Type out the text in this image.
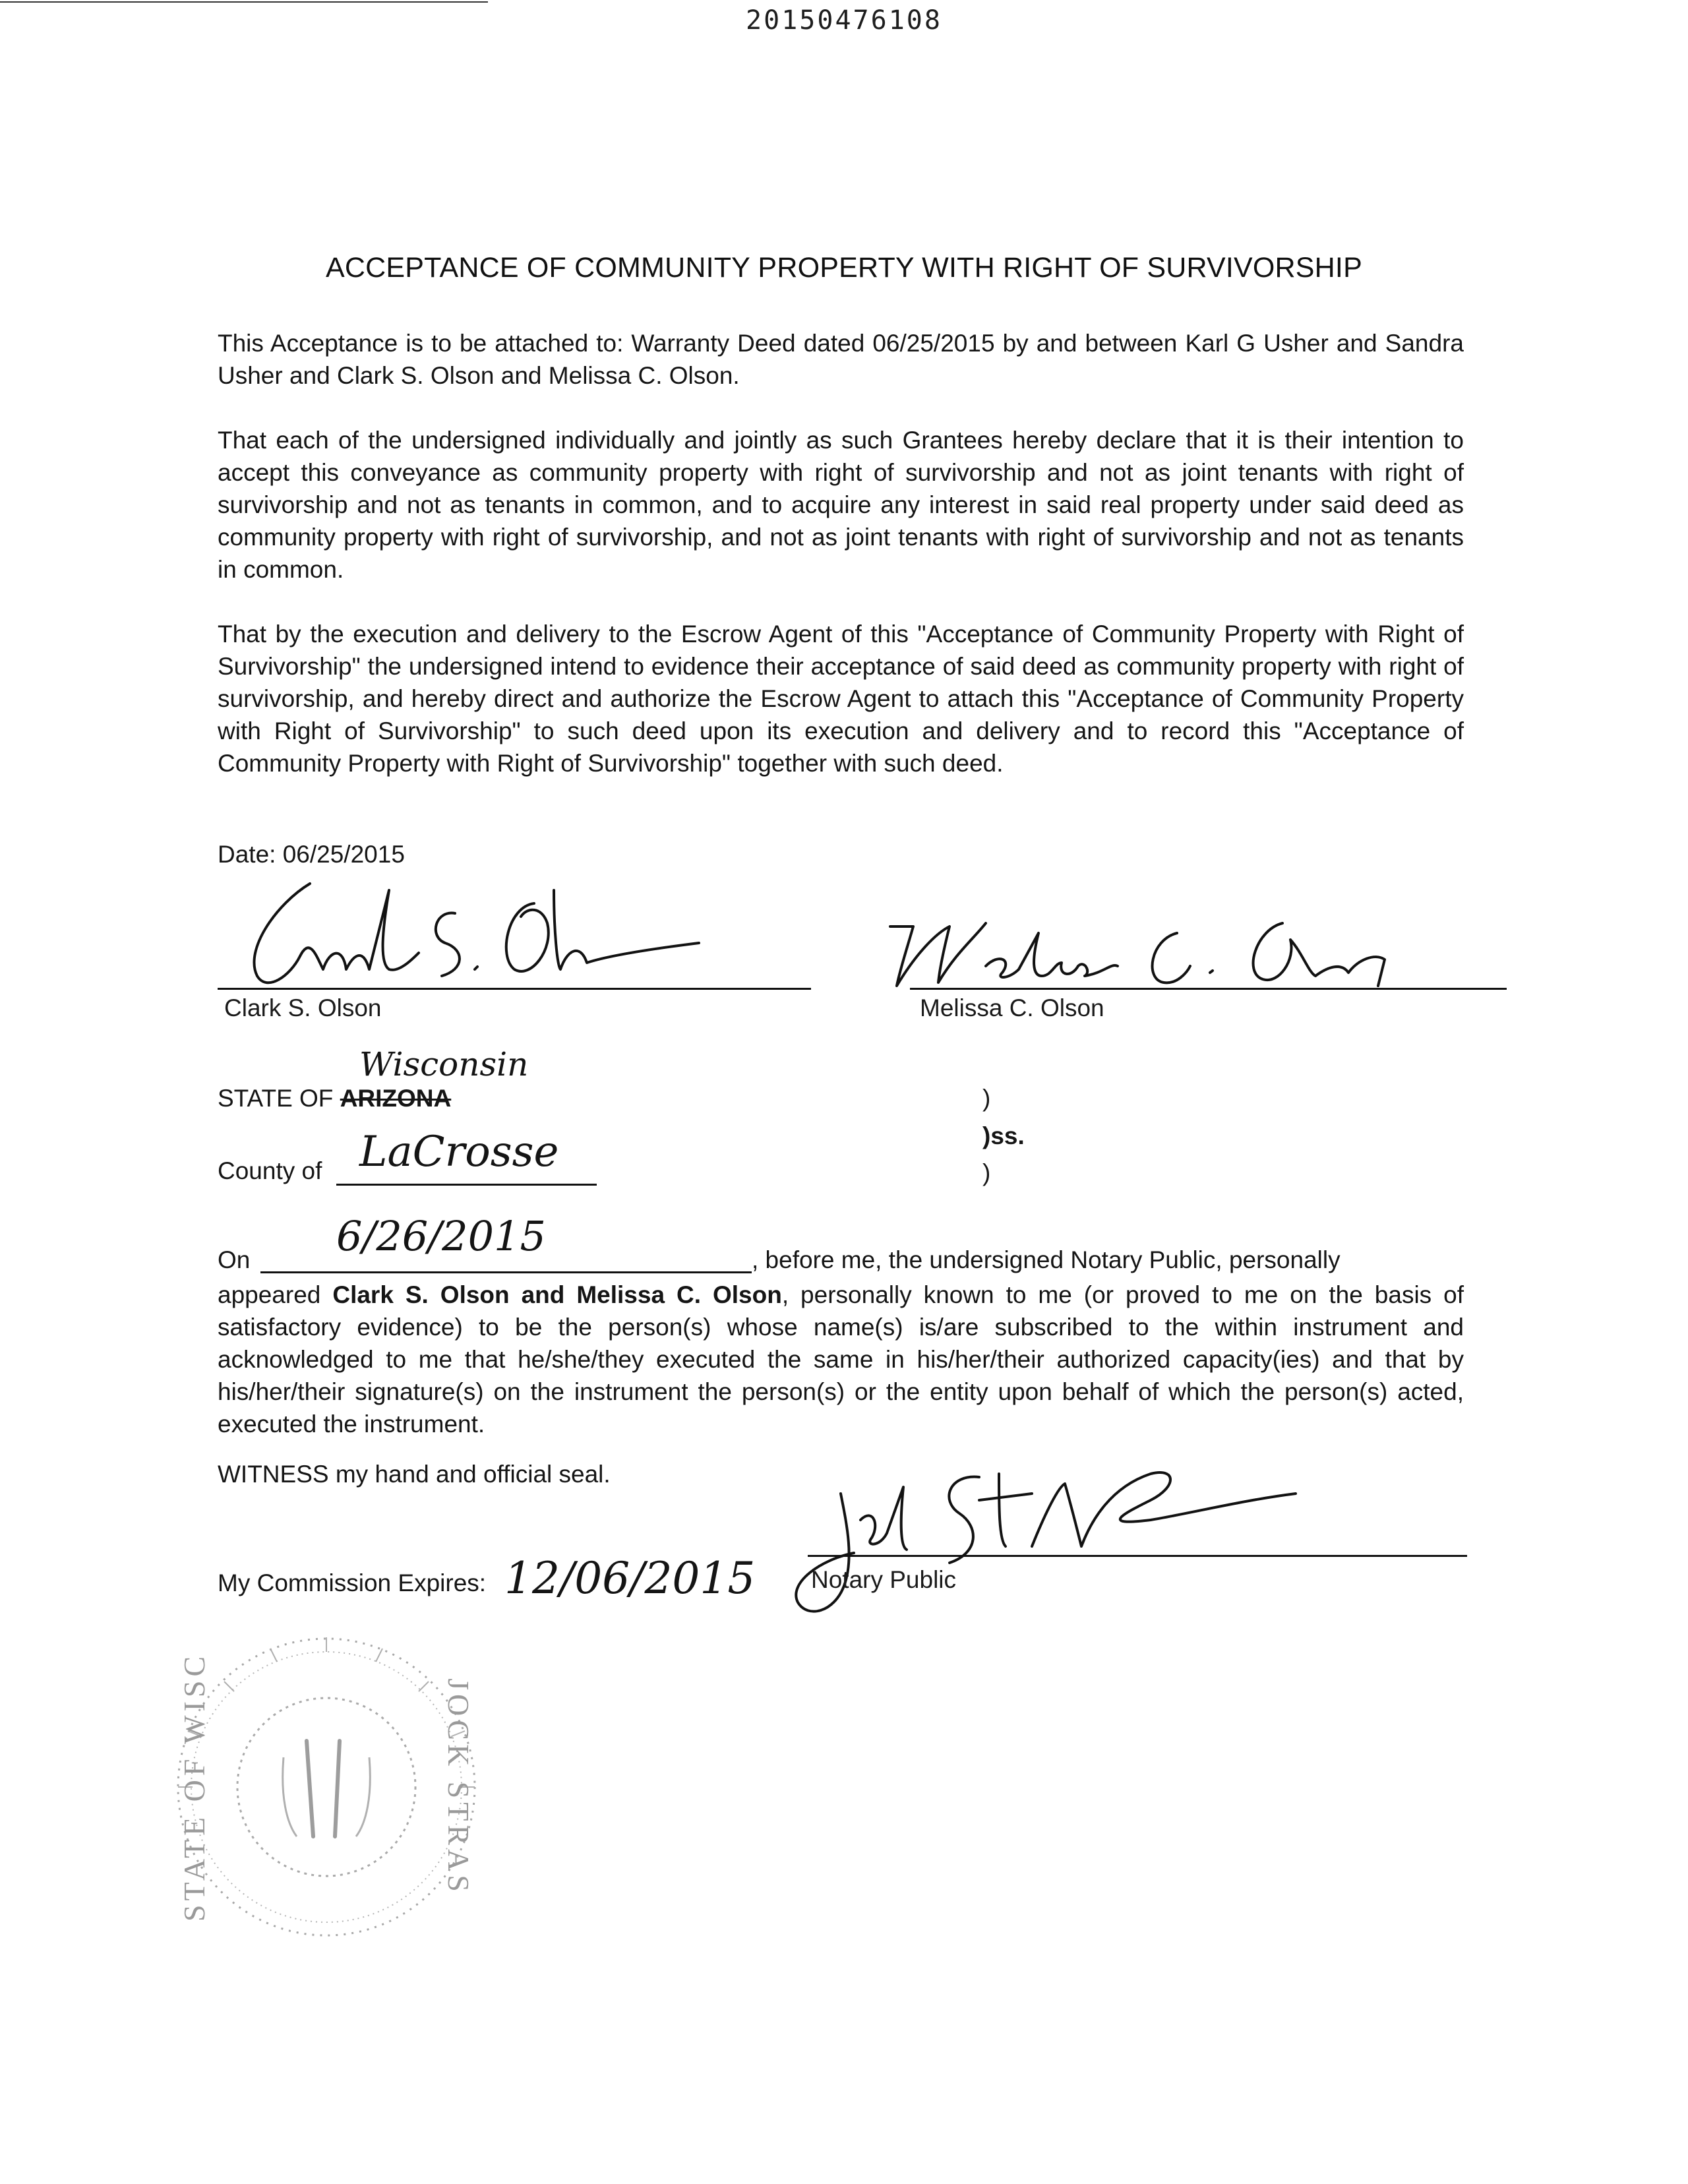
20150476108
ACCEPTANCE OF COMMUNITY PROPERTY WITH RIGHT OF SURVIVORSHIP
This Acceptance is to be attached to: Warranty Deed dated 06/25/2015 by and between Karl G Usher and Sandra Usher and Clark S. Olson and Melissa C. Olson.
That each of the undersigned individually and jointly as such Grantees hereby declare that it is their intention to accept this conveyance as community property with right of survivorship and not as joint tenants with right of survivorship and not as tenants in common, and to acquire any interest in said real property under said deed as community property with right of survivorship, and not as joint tenants with right of survivorship and not as tenants in common.
That by the execution and delivery to the Escrow Agent of this "Acceptance of Community Property with Right of Survivorship" the undersigned intend to evidence their acceptance of said deed as community property with right of survivorship, and hereby direct and authorize the Escrow Agent to attach this "Acceptance of Community Property with Right of Survivorship" to such deed upon its execution and delivery and to record this "Acceptance of Community Property with Right of Survivorship" together with such deed.
Date: 06/25/2015
Clark S. Olson	Melissa C. Olson
Wisconsin
STATE OF ARIZONA	)
)ss.
)
County of LaCrosse
On 6/26/2015	, before me, the undersigned Notary Public, personally
appeared Clark S. Olson and Melissa C. Olson, personally known to me (or proved to me on the basis of satisfactory evidence) to be the person(s) whose name(s) is/are subscribed to the within instrument and acknowledged to me that he/she/they executed the same in his/her/their authorized capacity(ies) and that by his/her/their signature(s) on the instrument the person(s) or the entity upon behalf of which the person(s) acted, executed the instrument.
WITNESS my hand and official seal.
My Commission Expires: 12/06/2015 Notary Public
STATE OF WISC	JOCK STRAS
